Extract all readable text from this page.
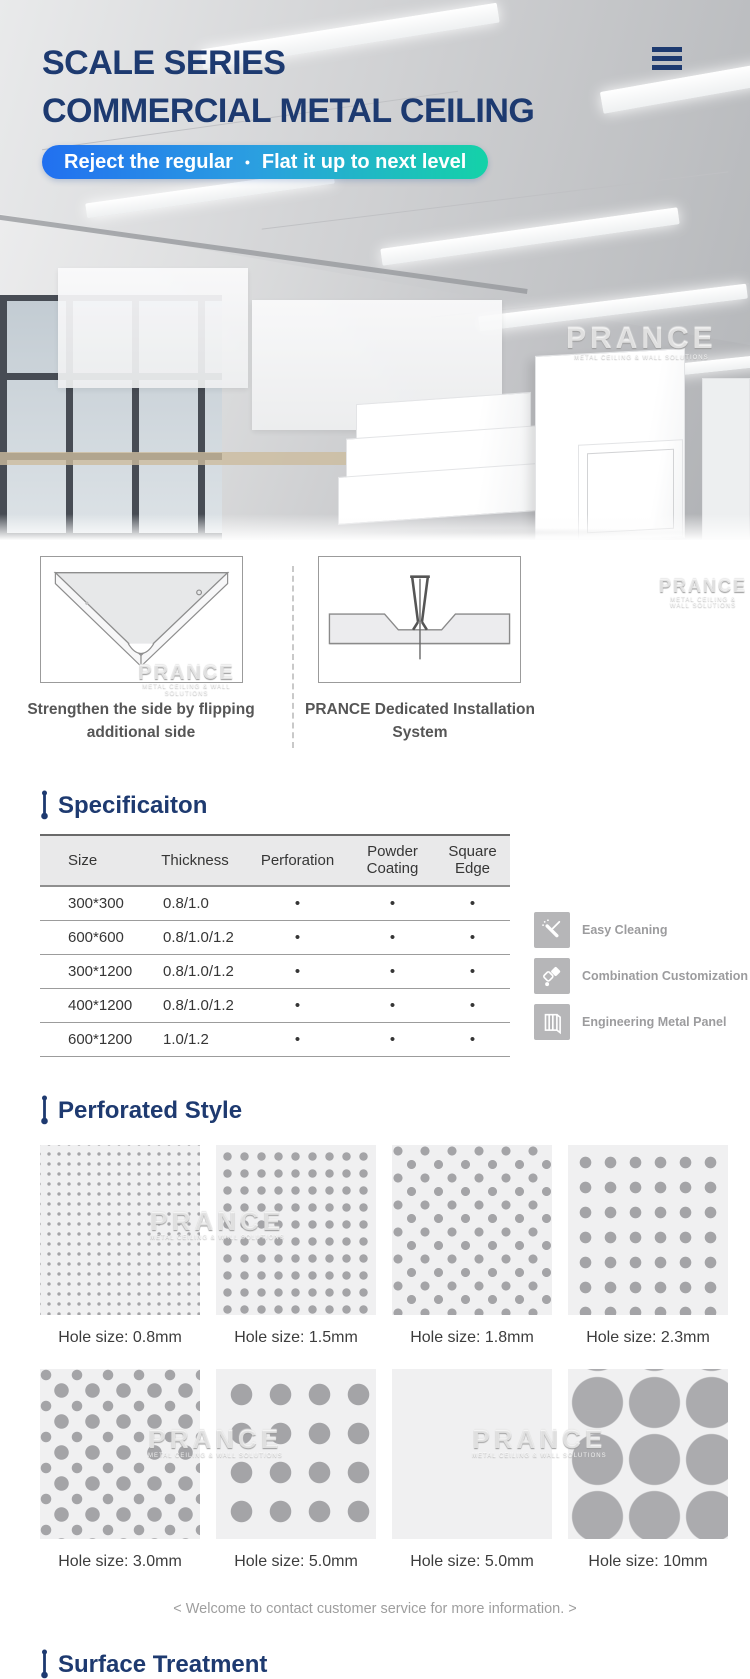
PRANCE
METAL CEILING & WALL SOLUTIONS
SCALE SERIES
COMMERCIAL METAL CEILING
Reject the regular • Flat it up to next level
PRANCE
METAL CEILING & WALL SOLUTIONS
PRANCE
METAL CEILING & WALL SOLUTIONS
Strengthen the side by flipping additional side
PRANCE Dedicated Installation System
Specificaiton
Size	Thickness	Perforation	Powder Coating	Square Edge
300*300	0.8/1.0	•	•	•
600*600	0.8/1.0/1.2	•	•	•
300*1200	0.8/1.0/1.2	•	•	•
400*1200	0.8/1.0/1.2	•	•	•
600*1200	1.0/1.2	•	•	•
Easy Cleaning
Combination Customization
Engineering Metal Panel
Perforated Style
Hole size: 0.8mm	Hole size: 1.5mm	Hole size: 1.8mm	Hole size: 2.3mm
Hole size: 3.0mm	Hole size: 5.0mm	Hole size: 5.0mm	Hole size: 10mm
PRANCE
METAL CEILING & WALL SOLUTIONS
PRANCE
METAL CEILING & WALL SOLUTIONS
PRANCE
METAL CEILING & WALL SOLUTIONS
< Welcome to contact customer service for more information. >
Surface Treatment
